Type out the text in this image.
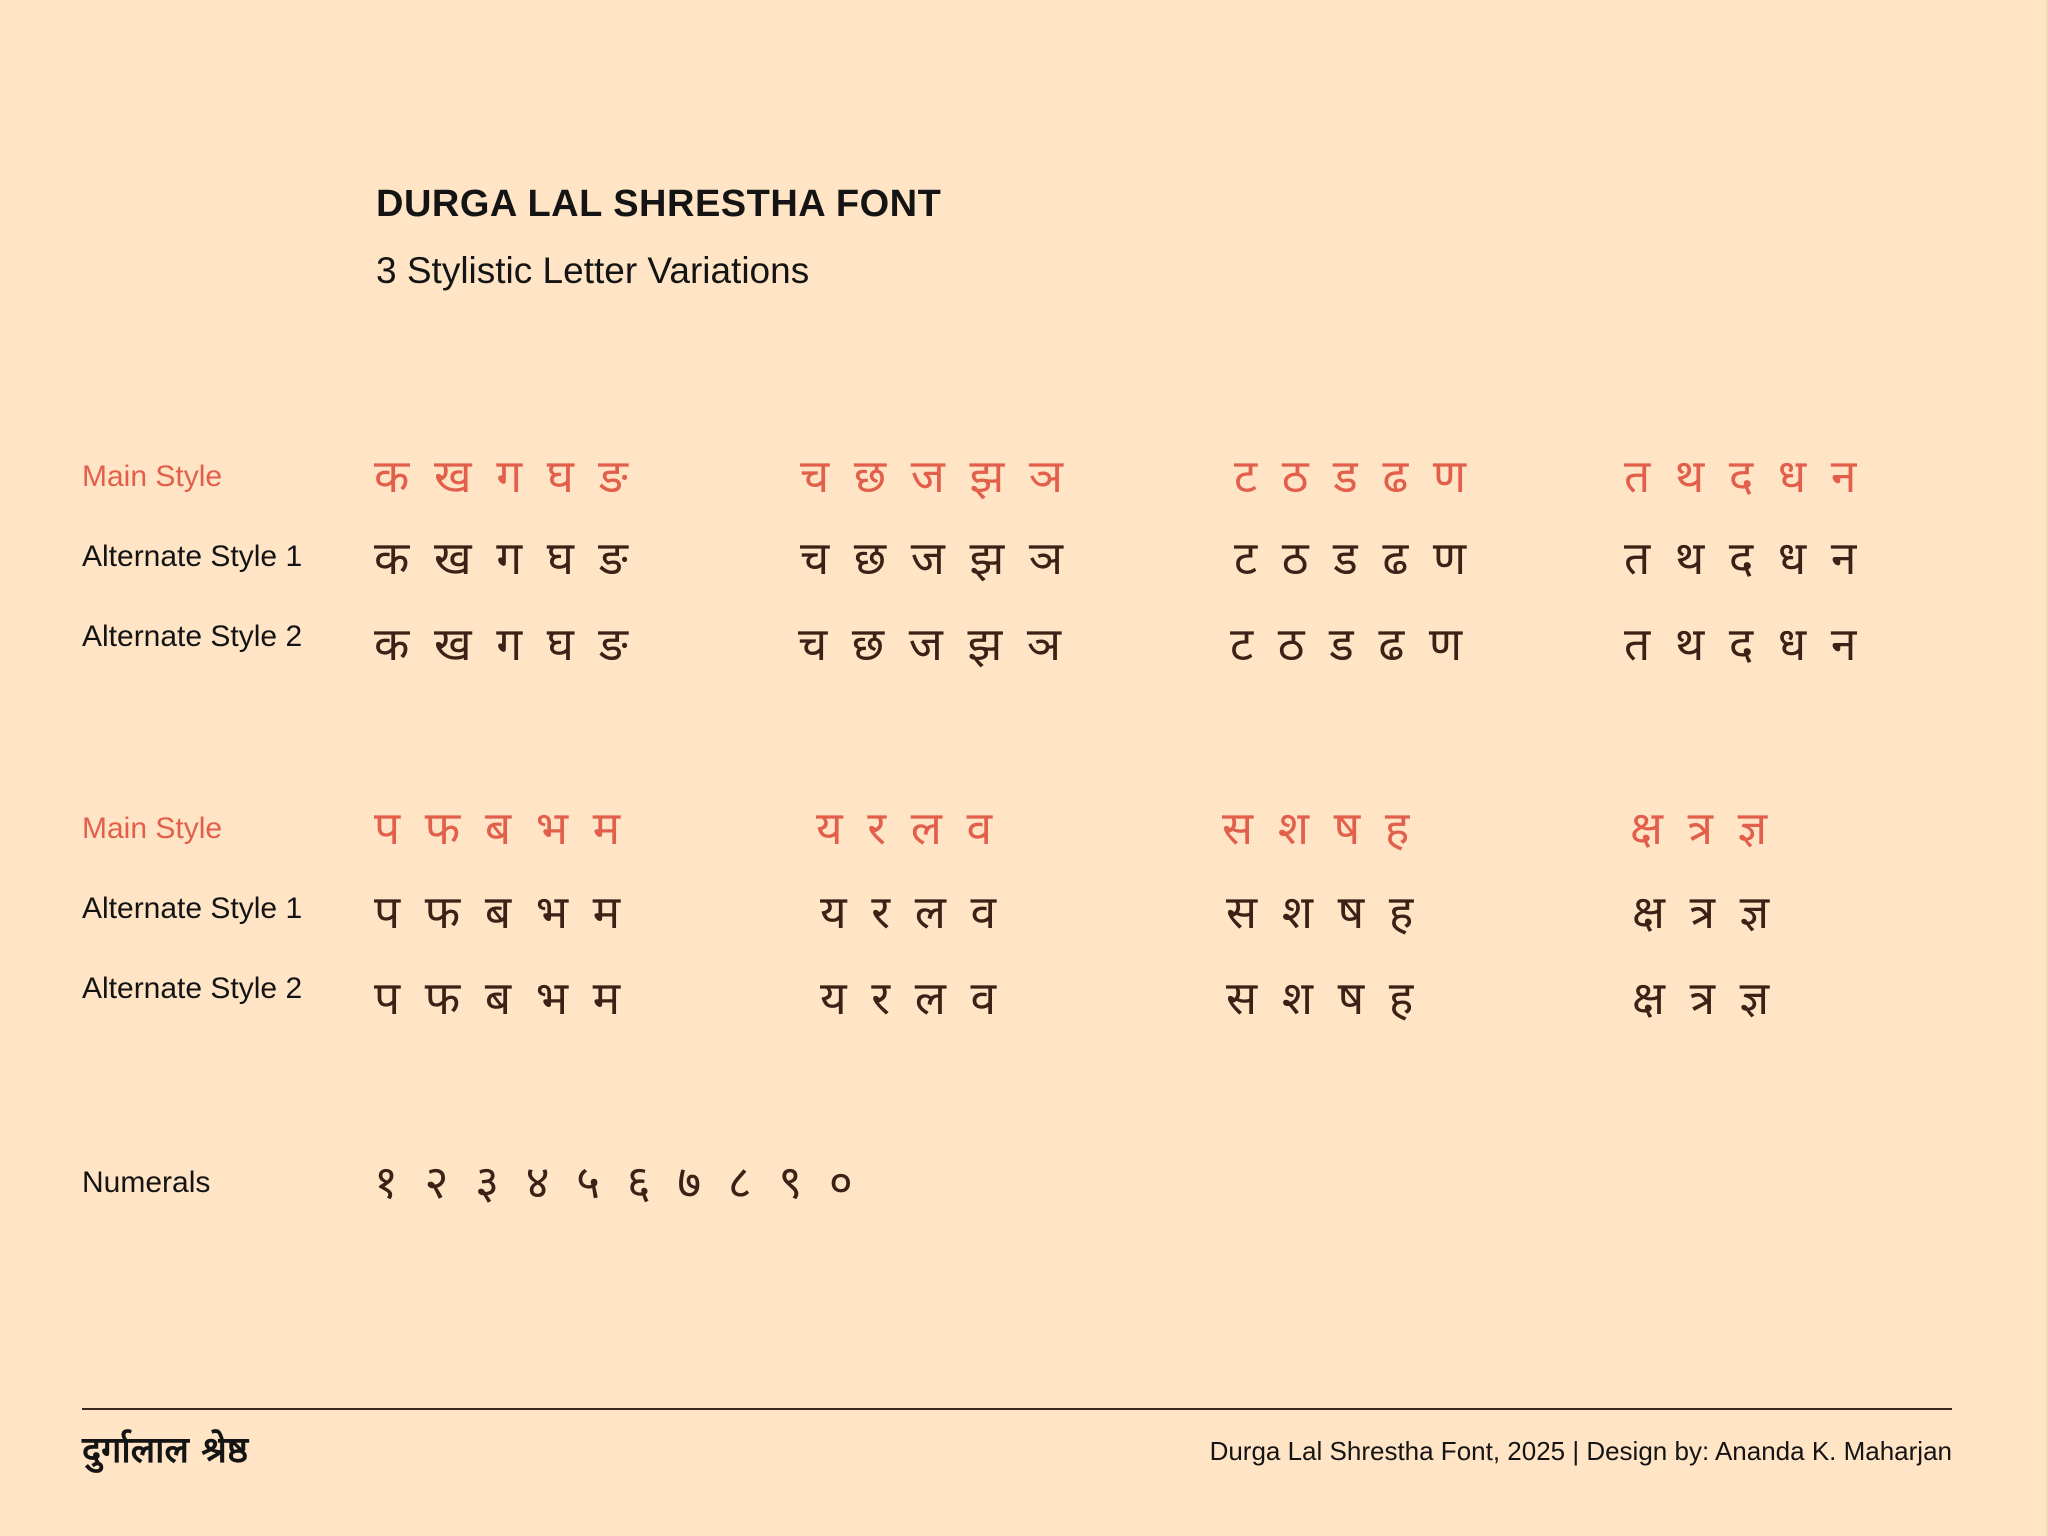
DURGA LAL SHRESTHA FONT
3 Stylistic Letter Variations
Main Style	क ख ग घ ङ	च छ ज झ ञ	ट ठ ड ढ ण	त थ द ध न
Alternate Style 1 क ख ग घ ङ	च छ ज झ ञ	ट ठ ड ढ ण	त थ द ध न
Alternate Style 2 क ख ग घ ङ	च छ ज झ ञ	ट ठ ड ढ ण	त थ द ध न
Main Style	प फ ब भ म	य र ल व	स श ष ह	क्ष त्र ज्ञ
Alternate Style 1 प फ ब भ म	य र ल व	स श ष ह	क्ष त्र ज्ञ
Alternate Style 2 प फ ब भ म	य र ल व	स श ष ह	क्ष त्र ज्ञ
Numerals	१ २ ३ ४ ५ ६ ७ ८ ९ ०
दुर्गालाल श्रेष्ठ	Durga Lal Shrestha Font, 2025 | Design by: Ananda K. Maharjan
